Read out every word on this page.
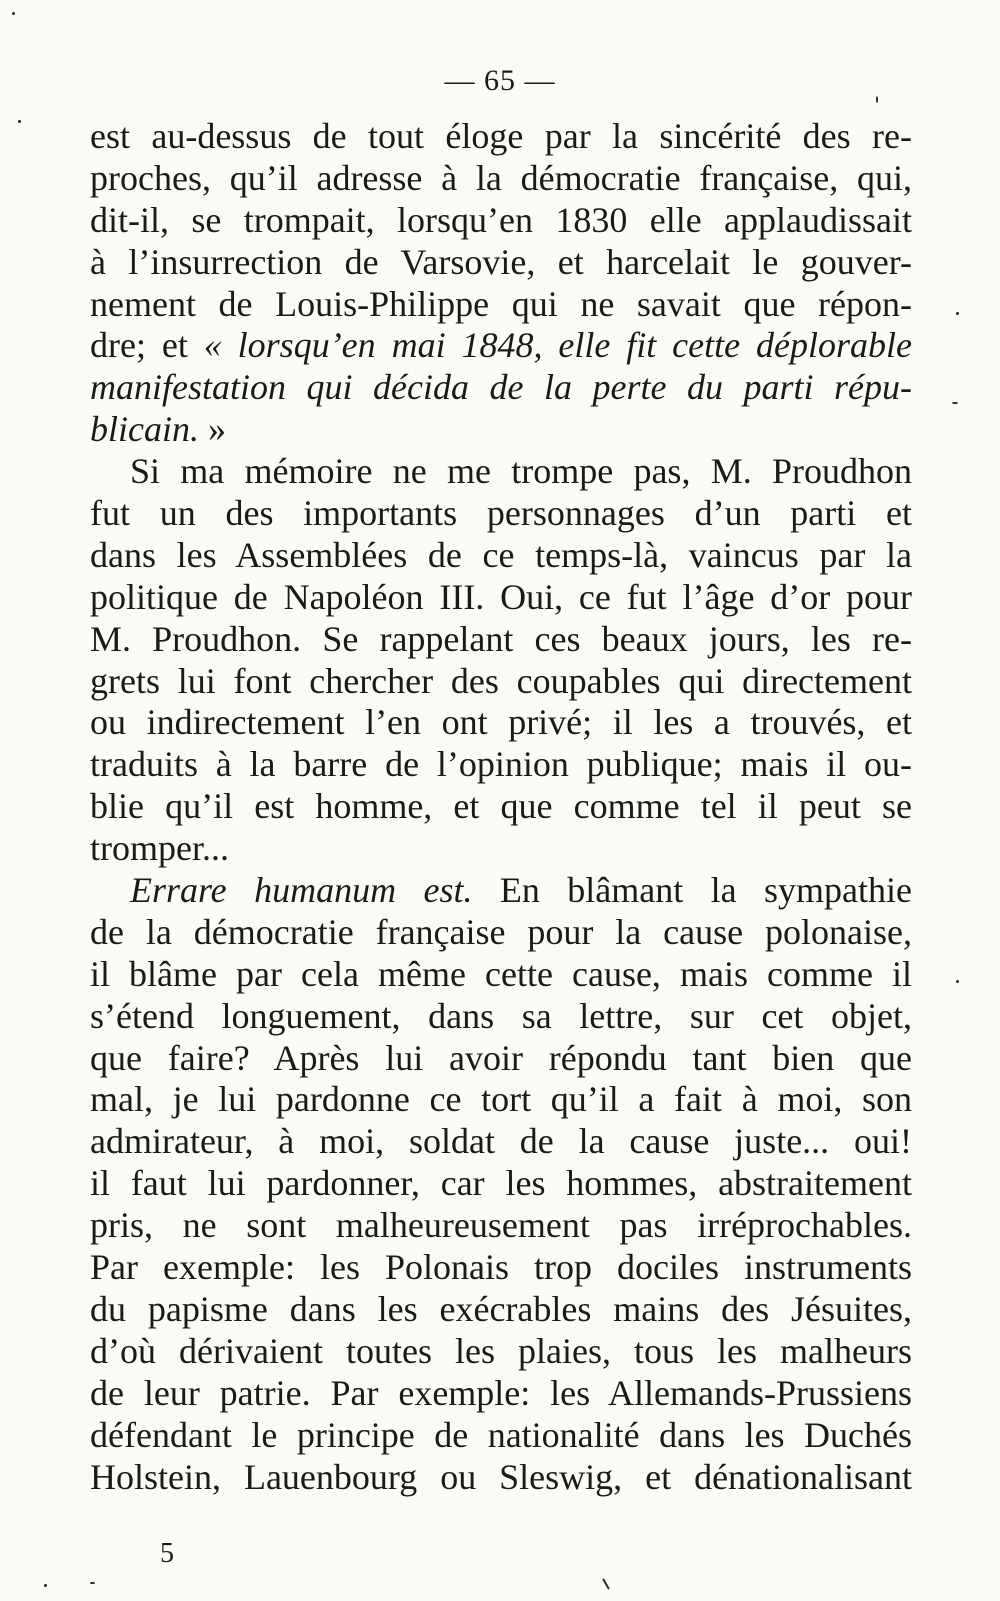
— 65 —
est au-dessus de tout éloge par la sincérité des re-
proches, qu’il adresse à la démocratie française, qui,
dit-il, se trompait, lorsqu’en 1830 elle applaudissait
à l’insurrection de Varsovie, et harcelait le gouver-
nement de Louis-Philippe qui ne savait que répon-
dre; et « lorsqu’en mai 1848, elle fit cette déplorable
manifestation qui décida de la perte du parti répu-
blicain. »
Si ma mémoire ne me trompe pas, M. Proudhon
fut un des importants personnages d’un parti et
dans les Assemblées de ce temps-là, vaincus par la
politique de Napoléon III. Oui, ce fut l’âge d’or pour
M. Proudhon. Se rappelant ces beaux jours, les re-
grets lui font chercher des coupables qui directement
ou indirectement l’en ont privé; il les a trouvés, et
traduits à la barre de l’opinion publique; mais il ou-
blie qu’il est homme, et que comme tel il peut se
tromper...
Errare humanum est. En blâmant la sympathie
de la démocratie française pour la cause polonaise,
il blâme par cela même cette cause, mais comme il
s’étend longuement, dans sa lettre, sur cet objet,
que faire? Après lui avoir répondu tant bien que
mal, je lui pardonne ce tort qu’il a fait à moi, son
admirateur, à moi, soldat de la cause juste... oui!
il faut lui pardonner, car les hommes, abstraitement
pris, ne sont malheureusement pas irréprochables.
Par exemple: les Polonais trop dociles instruments
du papisme dans les exécrables mains des Jésuites,
d’où dérivaient toutes les plaies, tous les malheurs
de leur patrie. Par exemple: les Allemands-Prussiens
défendant le principe de nationalité dans les Duchés
Holstein, Lauenbourg ou Sleswig, et dénationalisant
5
